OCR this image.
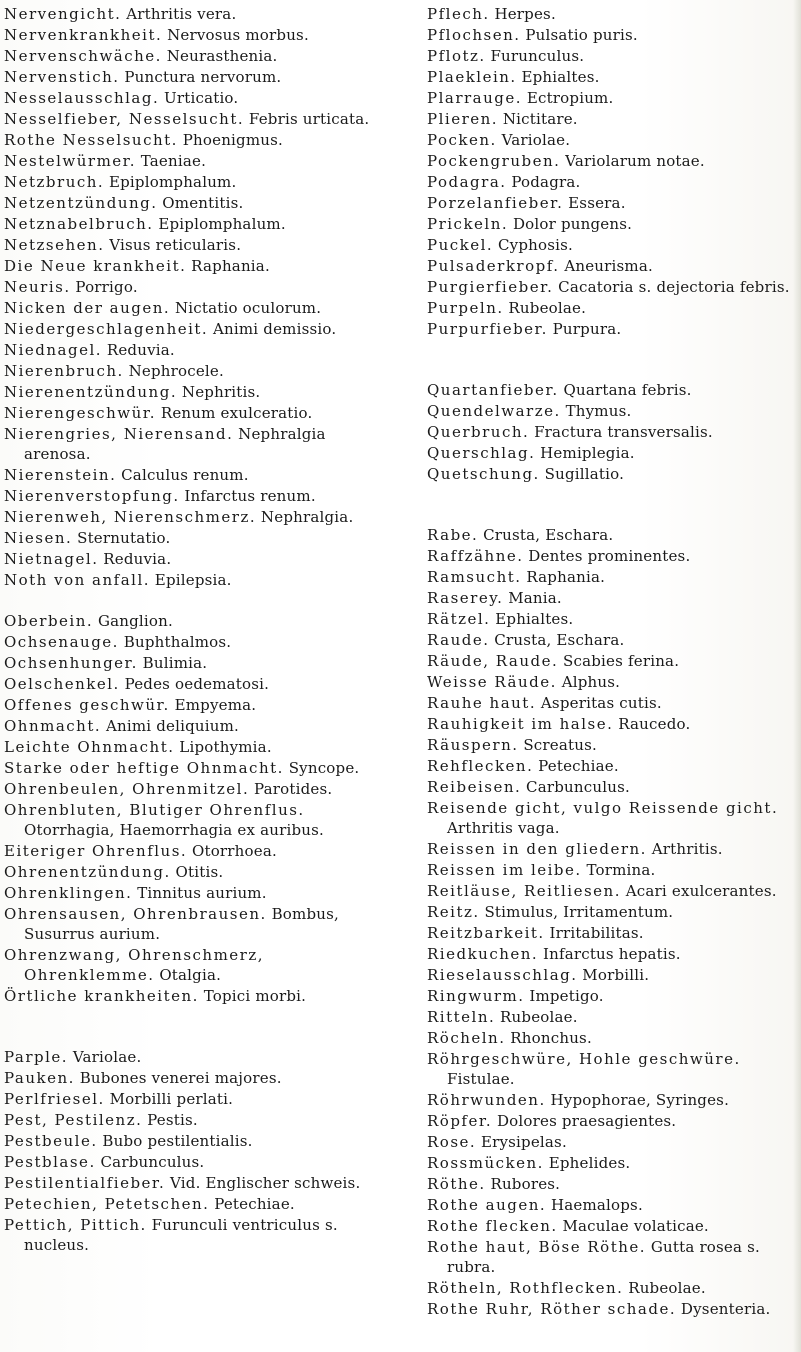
Nervengicht. Arthritis vera.
Nervenkrankheit. Nervosus morbus.
Nervenschwäche. Neurasthenia.
Nervenstich. Punctura nervorum.
Nesselausschlag. Urticatio.
Nesselfieber, Nesselsucht. Febris urticata.
Rothe Nesselsucht. Phoenigmus.
Nestelwürmer. Taeniae.
Netzbruch. Epiplomphalum.
Netzentzündung. Omentitis.
Netznabelbruch. Epiplomphalum.
Netzsehen. Visus reticularis.
Die Neue krankheit. Raphania.
Neuris. Porrigo.
Nicken der augen. Nictatio oculorum.
Niedergeschlagenheit. Animi demissio.
Niednagel. Reduvia.
Nierenbruch. Nephrocele.
Nierenentzündung. Nephritis.
Nierengeschwür. Renum exulceratio.
Nierengries, Nierensand. Nephralgia arenosa.
Nierenstein. Calculus renum.
Nierenverstopfung. Infarctus renum.
Nierenweh, Nierenschmerz. Nephralgia.
Niesen. Sternutatio.
Nietnagel. Reduvia.
Noth von anfall. Epilepsia.
Oberbein. Ganglion.
Ochsenauge. Buphthalmos.
Ochsenhunger. Bulimia.
Oelschenkel. Pedes oedematosi.
Offenes geschwür. Empyema.
Ohnmacht. Animi deliquium.
Leichte Ohnmacht. Lipothymia.
Starke oder heftige Ohnmacht. Syncope.
Ohrenbeulen, Ohrenmitzel. Parotides.
Ohrenbluten, Blutiger Ohrenflus. Otorrhagia, Haemorrhagia ex auribus.
Eiteriger Ohrenflus. Otorrhoea.
Ohrenentzündung. Otitis.
Ohrenklingen. Tinnitus aurium.
Ohrensausen, Ohrenbrausen. Bombus, Susurrus aurium.
Ohrenzwang, Ohrenschmerz, Ohrenklemme. Otalgia.
Örtliche krankheiten. Topici morbi.
Parple. Variolae.
Pauken. Bubones venerei majores.
Perlfriesel. Morbilli perlati.
Pest, Pestilenz. Pestis.
Pestbeule. Bubo pestilentialis.
Pestblase. Carbunculus.
Pestilentialfieber. Vid. Englischer schweis.
Petechien, Petetschen. Petechiae.
Pettich, Pittich. Furunculi ventriculus s. nucleus.
Pflech. Herpes.
Pflochsen. Pulsatio puris.
Pflotz. Furunculus.
Plaeklein. Ephialtes.
Plarrauge. Ectropium.
Plieren. Nictitare.
Pocken. Variolae.
Pockengruben. Variolarum notae.
Podagra. Podagra.
Porzelanfieber. Essera.
Prickeln. Dolor pungens.
Puckel. Cyphosis.
Pulsaderkropf. Aneurisma.
Purgierfieber. Cacatoria s. dejectoria febris.
Purpeln. Rubeolae.
Purpurfieber. Purpura.
Quartanfieber. Quartana febris.
Quendelwarze. Thymus.
Querbruch. Fractura transversalis.
Querschlag. Hemiplegia.
Quetschung. Sugillatio.
Rabe. Crusta, Eschara.
Raffzähne. Dentes prominentes.
Ramsucht. Raphania.
Raserey. Mania.
Rätzel. Ephialtes.
Raude. Crusta, Eschara.
Räude, Raude. Scabies ferina.
Weisse Räude. Alphus.
Rauhe haut. Asperitas cutis.
Rauhigkeit im halse. Raucedo.
Räuspern. Screatus.
Rehflecken. Petechiae.
Reibeisen. Carbunculus.
Reisende gicht, vulgo Reissende gicht. Arthritis vaga.
Reissen in den gliedern. Arthritis.
Reissen im leibe. Tormina.
Reitläuse, Reitliesen. Acari exulcerantes.
Reitz. Stimulus, Irritamentum.
Reitzbarkeit. Irritabilitas.
Riedkuchen. Infarctus hepatis.
Rieselausschlag. Morbilli.
Ringwurm. Impetigo.
Ritteln. Rubeolae.
Röcheln. Rhonchus.
Röhrgeschwüre, Hohle geschwüre. Fistulae.
Röhrwunden. Hypophorae, Syringes.
Röpfer. Dolores praesagientes.
Rose. Erysipelas.
Rossmücken. Ephelides.
Röthe. Rubores.
Rothe augen. Haemalops.
Rothe flecken. Maculae volaticae.
Rothe haut, Böse Röthe. Gutta rosea s. rubra.
Rötheln, Rothflecken. Rubeolae.
Rothe Ruhr, Röther schade. Dysenteria.
